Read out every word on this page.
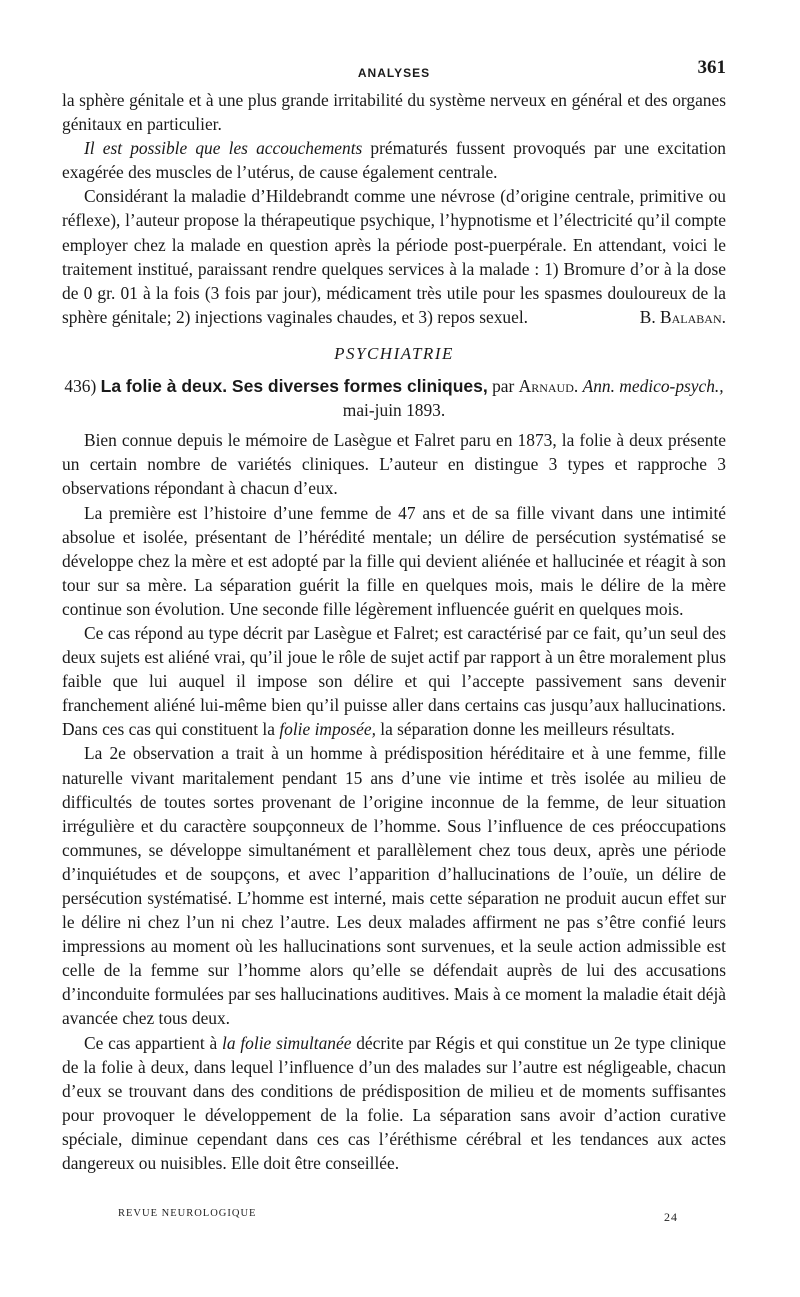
ANALYSES	361

la sphère génitale et à une plus grande irritabilité du système nerveux en général et des organes génitaux en particulier.

Il est possible que les accouchements prématurés fussent provoqués par une excitation exagérée des muscles de l’utérus, de cause également centrale.

Considérant la maladie d’Hildebrandt comme une névrose (d’origine centrale, primitive ou réflexe), l’auteur propose la thérapeutique psychique, l’hypnotisme et l’électricité qu’il compte employer chez la malade en question après la période post-puerpérale. En attendant, voici le traitement institué, paraissant rendre quelques services à la malade : 1) Bromure d’or à la dose de 0 gr. 01 à la fois (3 fois par jour), médicament très utile pour les spasmes douloureux de la sphère génitale; 2) injections vaginales chaudes, et 3) repos sexuel.	B. Balaban.

PSYCHIATRIE
436) La folie à deux. Ses diverses formes cliniques, par Arnaud. Ann. medico-psych., mai-juin 1893.

Bien connue depuis le mémoire de Lasègue et Falret paru en 1873, la folie à deux présente un certain nombre de variétés cliniques. L’auteur en distingue 3 types et rapproche 3 observations répondant à chacun d’eux.

La première est l’histoire d’une femme de 47 ans et de sa fille vivant dans une intimité absolue et isolée, présentant de l’hérédité mentale; un délire de persécution systématisé se développe chez la mère et est adopté par la fille qui devient aliénée et hallucinée et réagit à son tour sur sa mère. La séparation guérit la fille en quelques mois, mais le délire de la mère continue son évolution. Une seconde fille légèrement influencée guérit en quelques mois.

Ce cas répond au type décrit par Lasègue et Falret; est caractérisé par ce fait, qu’un seul des deux sujets est aliéné vrai, qu’il joue le rôle de sujet actif par rapport à un être moralement plus faible que lui auquel il impose son délire et qui l’accepte passivement sans devenir franchement aliéné lui-même bien qu’il puisse aller dans certains cas jusqu’aux hallucinations. Dans ces cas qui constituent la folie imposée, la séparation donne les meilleurs résultats.

La 2e observation a trait à un homme à prédisposition héréditaire et à une femme, fille naturelle vivant maritalement pendant 15 ans d’une vie intime et très isolée au milieu de difficultés de toutes sortes provenant de l’origine inconnue de la femme, de leur situation irrégulière et du caractère soupçonneux de l’homme. Sous l’influence de ces préoccupations communes, se développe simultanément et parallèlement chez tous deux, après une période d’inquiétudes et de soupçons, et avec l’apparition d’hallucinations de l’ouïe, un délire de persécution systématisé. L’homme est interné, mais cette séparation ne produit aucun effet sur le délire ni chez l’un ni chez l’autre. Les deux malades affirment ne pas s’être confié leurs impressions au moment où les hallucinations sont survenues, et la seule action admissible est celle de la femme sur l’homme alors qu’elle se défendait auprès de lui des accusations d’inconduite formulées par ses hallucinations auditives. Mais à ce moment la maladie était déjà avancée chez tous deux.

Ce cas appartient à la folie simultanée décrite par Régis et qui constitue un 2e type clinique de la folie à deux, dans lequel l’influence d’un des malades sur l’autre est négligeable, chacun d’eux se trouvant dans des conditions de prédisposition de milieu et de moments suffisantes pour provoquer le développement de la folie. La séparation sans avoir d’action curative spéciale, diminue cependant dans ces cas l’éréthisme cérébral et les tendances aux actes dangereux ou nuisibles. Elle doit être conseillée.

REVUE NEUROLOGIQUE	24
